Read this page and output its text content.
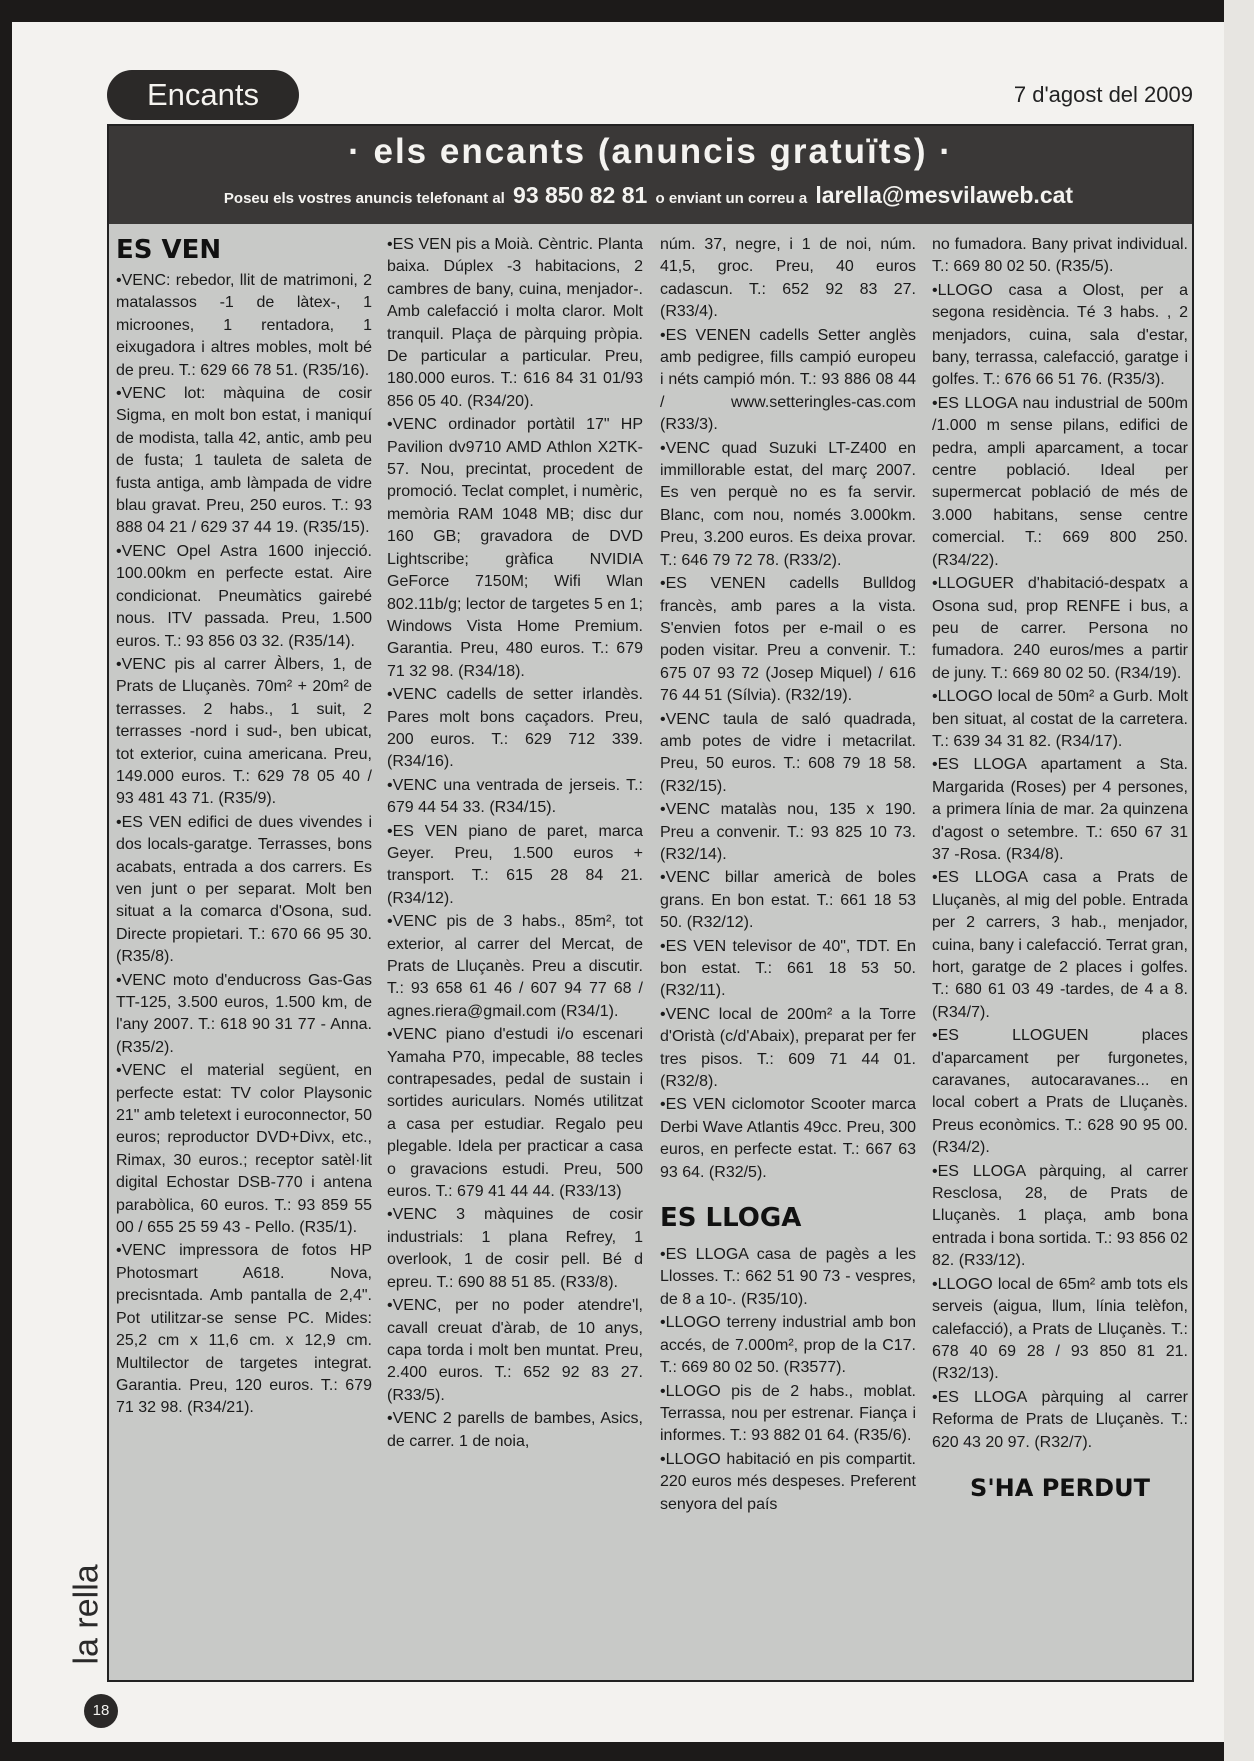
Encants	7 d'agost del 2009
· els encants (anuncis gratuïts) ·
Poseu els vostres anuncis telefonant al 93 850 82 81 o enviant un correu a larella@mesvilaweb.cat
ES VEN
•VENC: rebedor, llit de matrimoni, 2 matalassos -1 de làtex-, 1 microones, 1 rentadora, 1 eixugadora i altres mobles, molt bé de preu. T.: 629 66 78 51. (R35/16).
•VENC lot: màquina de cosir Sigma, en molt bon estat, i maniquí de modista, talla 42, antic, amb peu de fusta; 1 tauleta de saleta de fusta antiga, amb làmpada de vidre blau gravat. Preu, 250 euros. T.: 93 888 04 21 / 629 37 44 19. (R35/15).
•VENC Opel Astra 1600 injecció. 100.00km en perfecte estat. Aire condicionat. Pneumàtics gairebé nous. ITV passada. Preu, 1.500 euros. T.: 93 856 03 32. (R35/14).
•VENC pis al carrer Àlbers, 1, de Prats de Lluçanès. 70m² + 20m² de terrasses. 2 habs., 1 suit, 2 terrasses -nord i sud-, ben ubicat, tot exterior, cuina americana. Preu, 149.000 euros. T.: 629 78 05 40 / 93 481 43 71. (R35/9).
•ES VEN edifici de dues vivendes i dos locals-garatge. Terrasses, bons acabats, entrada a dos carrers. Es ven junt o per separat. Molt ben situat a la comarca d'Osona, sud. Directe propietari. T.: 670 66 95 30. (R35/8).
•VENC moto d'enducross Gas-Gas TT-125, 3.500 euros, 1.500 km, de l'any 2007. T.: 618 90 31 77 - Anna. (R35/2).
•VENC el material següent, en perfecte estat: TV color Playsonic 21" amb teletext i euroconnector, 50 euros; reproductor DVD+Divx, etc., Rimax, 30 euros.; receptor satèl·lit digital Echostar DSB-770 i antena parabòlica, 60 euros. T.: 93 859 55 00 / 655 25 59 43 - Pello. (R35/1).
•VENC impressora de fotos HP Photosmart A618. Nova, precisntada. Amb pantalla de 2,4". Pot utilitzar-se sense PC. Mides: 25,2 cm x 11,6 cm. x 12,9 cm. Multilector de targetes integrat. Garantia. Preu, 120 euros. T.: 679 71 32 98. (R34/21).
•ES VEN pis a Moià. Cèntric. Planta baixa. Dúplex -3 habitacions, 2 cambres de bany, cuina, menjador-. Amb calefacció i molta claror. Molt tranquil. Plaça de pàrquing pròpia. De particular a particular. Preu, 180.000 euros. T.: 616 84 31 01/93 856 05 40. (R34/20).
•VENC ordinador portàtil 17" HP Pavilion dv9710 AMD Athlon X2TK-57. Nou, precintat, procedent de promoció. Teclat complet, i numèric, memòria RAM 1048 MB; disc dur 160 GB; gravadora de DVD Lightscribe; gràfica NVIDIA GeForce 7150M; Wifi Wlan 802.11b/g; lector de targetes 5 en 1; Windows Vista Home Premium. Garantia. Preu, 480 euros. T.: 679 71 32 98. (R34/18).
•VENC cadells de setter irlandès. Pares molt bons caçadors. Preu, 200 euros. T.: 629 712 339. (R34/16).
•VENC una ventrada de jerseis. T.: 679 44 54 33. (R34/15).
•ES VEN piano de paret, marca Geyer. Preu, 1.500 euros + transport. T.: 615 28 84 21. (R34/12).
•VENC pis de 3 habs., 85m², tot exterior, al carrer del Mercat, de Prats de Lluçanès. Preu a discutir. T.: 93 658 61 46 / 607 94 77 68 / agnes.riera@gmail.com (R34/1).
•VENC piano d'estudi i/o escenari Yamaha P70, impecable, 88 tecles contrapesades, pedal de sustain i sortides auriculars. Només utilitzat a casa per estudiar. Regalo peu plegable. Idela per practicar a casa o gravacions estudi. Preu, 500 euros. T.: 679 41 44 44. (R33/13)
•VENC 3 màquines de cosir industrials: 1 plana Refrey, 1 overlook, 1 de cosir pell. Bé d epreu. T.: 690 88 51 85. (R33/8).
•VENC, per no poder atendre'l, cavall creuat d'àrab, de 10 anys, capa torda i molt ben muntat. Preu, 2.400 euros. T.: 652 92 83 27. (R33/5).
•VENC 2 parells de bambes, Asics, de carrer. 1 de noia,
núm. 37, negre, i 1 de noi, núm. 41,5, groc. Preu, 40 euros cadascun. T.: 652 92 83 27. (R33/4).
•ES VENEN cadells Setter anglès amb pedigree, fills campió europeu i néts campió món. T.: 93 886 08 44 / www.setteringles-cas.com (R33/3).
•VENC quad Suzuki LT-Z400 en immillorable estat, del març 2007. Es ven perquè no es fa servir. Blanc, com nou, només 3.000km. Preu, 3.200 euros. Es deixa provar. T.: 646 79 72 78. (R33/2).
•ES VENEN cadells Bulldog francès, amb pares a la vista. S'envien fotos per e-mail o es poden visitar. Preu a convenir. T.: 675 07 93 72 (Josep Miquel) / 616 76 44 51 (Sílvia). (R32/19).
•VENC taula de saló quadrada, amb potes de vidre i metacrilat. Preu, 50 euros. T.: 608 79 18 58. (R32/15).
•VENC matalàs nou, 135 x 190. Preu a convenir. T.: 93 825 10 73. (R32/14).
•VENC billar americà de boles grans. En bon estat. T.: 661 18 53 50. (R32/12).
•ES VEN televisor de 40", TDT. En bon estat. T.: 661 18 53 50. (R32/11).
•VENC local de 200m² a la Torre d'Oristà (c/d'Abaix), preparat per fer tres pisos. T.: 609 71 44 01. (R32/8).
•ES VEN ciclomotor Scooter marca Derbi Wave Atlantis 49cc. Preu, 300 euros, en perfecte estat. T.: 667 63 93 64. (R32/5).
ES LLOGA
•ES LLOGA casa de pagès a les Llosses. T.: 662 51 90 73 - vespres, de 8 a 10-. (R35/10).
•LLOGO terreny industrial amb bon accés, de 7.000m², prop de la C17. T.: 669 80 02 50. (R3577).
•LLOGO pis de 2 habs., moblat. Terrassa, nou per estrenar. Fiança i informes. T.: 93 882 01 64. (R35/6).
•LLOGO habitació en pis compartit. 220 euros més despeses. Preferent senyora del país
no fumadora. Bany privat individual. T.: 669 80 02 50. (R35/5).
•LLOGO casa a Olost, per a segona residència. Té 3 habs. , 2 menjadors, cuina, sala d'estar, bany, terrassa, calefacció, garatge i golfes. T.: 676 66 51 76. (R35/3).
•ES LLOGA nau industrial de 500m /1.000 m sense pilans, edifici de pedra, ampli aparcament, a tocar centre població. Ideal per supermercat població de més de 3.000 habitans, sense centre comercial. T.: 669 800 250. (R34/22).
•LLOGUER d'habitació-despatx a Osona sud, prop RENFE i bus, a peu de carrer. Persona no fumadora. 240 euros/mes a partir de juny. T.: 669 80 02 50. (R34/19).
•LLOGO local de 50m² a Gurb. Molt ben situat, al costat de la carretera. T.: 639 34 31 82. (R34/17).
•ES LLOGA apartament a Sta. Margarida (Roses) per 4 persones, a primera línia de mar. 2a quinzena d'agost o setembre. T.: 650 67 31 37 -Rosa. (R34/8).
•ES LLOGA casa a Prats de Lluçanès, al mig del poble. Entrada per 2 carrers, 3 hab., menjador, cuina, bany i calefacció. Terrat gran, hort, garatge de 2 places i golfes. T.: 680 61 03 49 -tardes, de 4 a 8. (R34/7).
•ES LLOGUEN places d'aparcament per furgonetes, caravanes, autocaravanes... en local cobert a Prats de Lluçanès. Preus econòmics. T.: 628 90 95 00. (R34/2).
•ES LLOGA pàrquing, al carrer Resclosa, 28, de Prats de Lluçanès. 1 plaça, amb bona entrada i bona sortida. T.: 93 856 02 82. (R33/12).
•LLOGO local de 65m² amb tots els serveis (aigua, llum, línia telèfon, calefacció), a Prats de Lluçanès. T.: 678 40 69 28 / 93 850 81 21. (R32/13).
•ES LLOGA pàrquing al carrer Reforma de Prats de Lluçanès. T.: 620 43 20 97. (R32/7).
S'HA PERDUT
la rella
18
